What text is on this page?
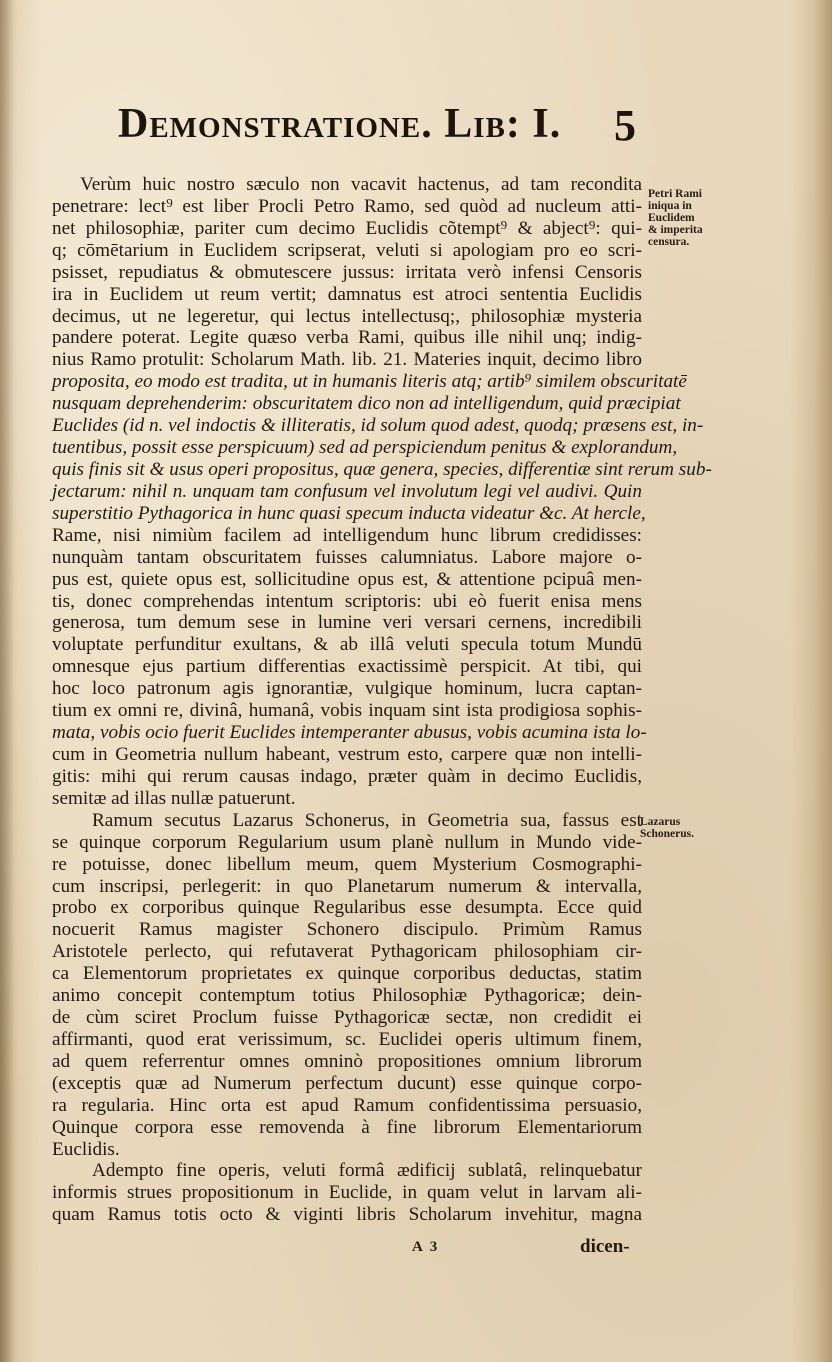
Demonstratione. Lib: I.	5
Verùm huic nostro sæculo non vacavit hactenus, ad tam recondita
penetrare: lect⁹ est liber Procli Petro Ramo, sed quòd ad nucleum atti-
net philosophiæ, pariter cum decimo Euclidis cõtempt⁹ & abject⁹: qui-
q; cōmētarium in Euclidem scripserat, veluti si apologiam pro eo scri-
psisset, repudiatus & obmutescere jussus: irritata verò infensi Censoris
ira in Euclidem ut reum vertit; damnatus est atroci sententia Euclidis
decimus, ut ne legeretur, qui lectus intellectusq;, philosophiæ mysteria
pandere poterat. Legite quæso verba Rami, quibus ille nihil unq; indig-
nius Ramo protulit: Scholarum Math. lib. 21. Materies inquit, decimo libro
proposita, eo modo est tradita, ut in humanis literis atq; artib⁹ similem obscuritatē
nusquam deprehenderim: obscuritatem dico non ad intelligendum, quid præcipiat
Euclides (id n. vel indoctis & illiteratis, id solum quod adest, quodq; præsens est, in-
tuentibus, possit esse perspicuum) sed ad perspiciendum penitus & explorandum,
quis finis sit & usus operi propositus, quæ genera, species, differentiæ sint rerum sub-
jectarum: nihil n. unquam tam confusum vel involutum legi vel audivi. Quin
superstitio Pythagorica in hunc quasi specum inducta videatur &c. At hercle,
Rame, nisi nimiùm facilem ad intelligendum hunc librum credidisses:
nunquàm tantam obscuritatem fuisses calumniatus. Labore majore o-
pus est, quiete opus est, sollicitudine opus est, & attentione pcipuâ men-
tis, donec comprehendas intentum scriptoris: ubi eò fuerit enisa mens
generosa, tum demum sese in lumine veri versari cernens, incredibili
voluptate perfunditur exultans, & ab illâ veluti specula totum Mundū
omnesque ejus partium differentias exactissimè perspicit. At tibi, qui
hoc loco patronum agis ignorantiæ, vulgique hominum, lucra captan-
tium ex omni re, divinâ, humanâ, vobis inquam sint ista prodigiosa sophis-
mata, vobis ocio fuerit Euclides intemperanter abusus, vobis acumina ista lo-
cum in Geometria nullum habeant, vestrum esto, carpere quæ non intelli-
gitis: mihi qui rerum causas indago, præter quàm in decimo Euclidis,
semitæ ad illas nullæ patuerunt.
Ramum secutus Lazarus Schonerus, in Geometria sua, fassus est
se quinque corporum Regularium usum planè nullum in Mundo vide-
re potuisse, donec libellum meum, quem Mysterium Cosmographi-
cum inscripsi, perlegerit: in quo Planetarum numerum & intervalla,
probo ex corporibus quinque Regularibus esse desumpta. Ecce quid
nocuerit Ramus magister Schonero discipulo. Primùm Ramus
Aristotele perlecto, qui refutaverat Pythagoricam philosophiam cir-
ca Elementorum proprietates ex quinque corporibus deductas, statim
animo concepit contemptum totius Philosophiæ Pythagoricæ; dein-
de cùm sciret Proclum fuisse Pythagoricæ sectæ, non credidit ei
affirmanti, quod erat verissimum, sc. Euclidei operis ultimum finem,
ad quem referrentur omnes omninò propositiones omnium librorum
(exceptis quæ ad Numerum perfectum ducunt) esse quinque corpo-
ra regularia. Hinc orta est apud Ramum confidentissima persuasio,
Quinque corpora esse removenda à fine librorum Elementariorum
Euclidis.
Adempto fine operis, veluti formâ ædificij sublatâ, relinquebatur
informis strues propositionum in Euclide, in quam velut in larvam ali-
quam Ramus totis octo & viginti libris Scholarum invehitur, magna
Petri Rami
iniqua in
Euclidem
& imperita
censura.
Lazarus
Schonerus.
A 3	dicen-
